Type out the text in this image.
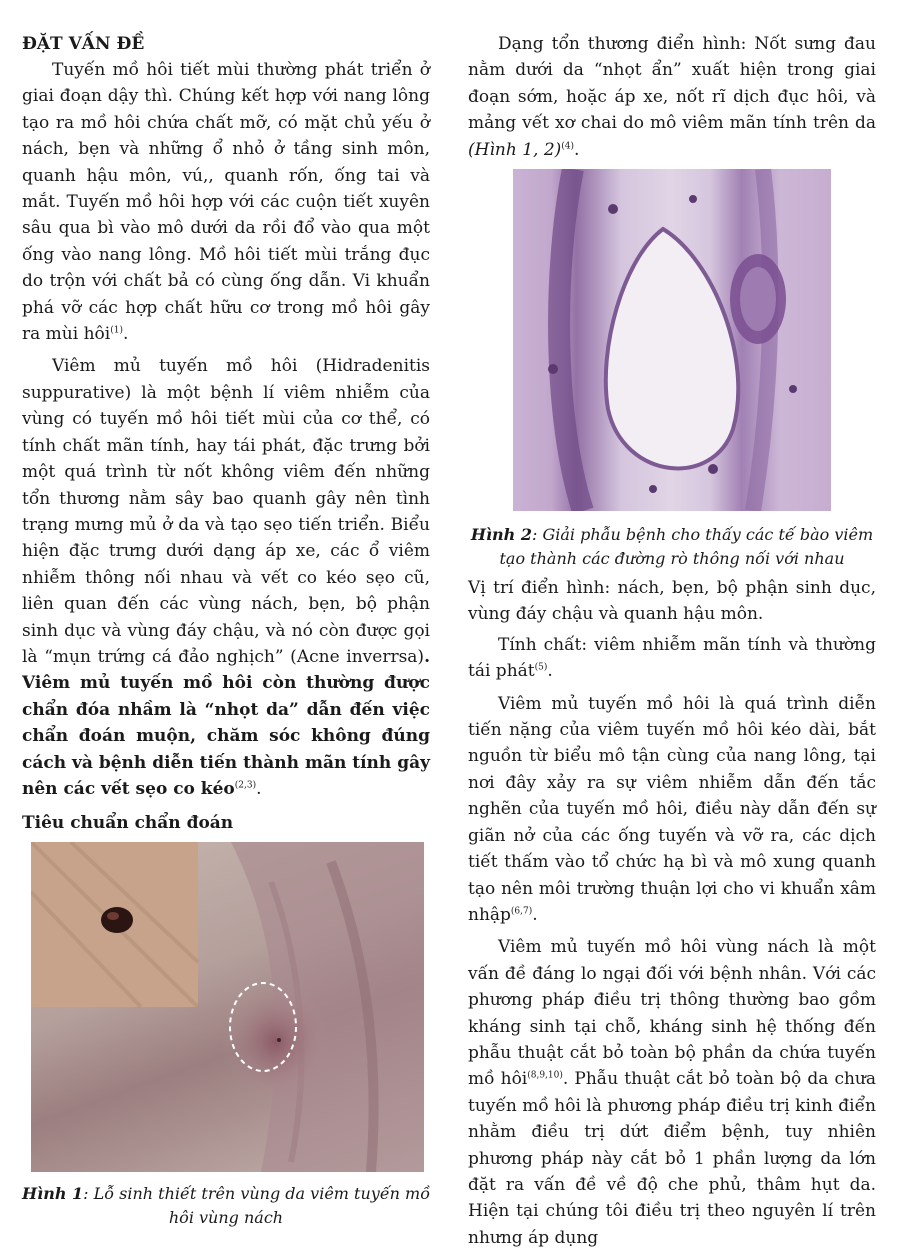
ĐẶT VẤN ĐỀ

Tuyến mồ hôi tiết mùi thường phát triển ở giai đoạn dậy thì. Chúng kết hợp với nang lông tạo ra mồ hôi chứa chất mỡ, có mặt chủ yếu ở nách, bẹn và những ổ nhỏ ở tầng sinh môn, quanh hậu môn, vú,, quanh rốn, ống tai và mắt. Tuyến mồ hôi hợp với các cuộn tiết xuyên sâu qua bì vào mô dưới da rồi đổ vào qua một ống vào nang lông. Mồ hôi tiết mùi trắng đục do trộn với chất bả có cùng ống dẫn. Vi khuẩn phá vỡ các hợp chất hữu cơ trong mồ hôi gây ra mùi hôi$^{(1)}$.

Viêm mủ tuyến mồ hôi (Hidradenitis suppurative) là một bệnh lí viêm nhiễm của vùng có tuyến mồ hôi tiết mùi của cơ thể, có tính chất mãn tính, hay tái phát, đặc trưng bởi một quá trình từ nốt không viêm đến những tổn thương nằm sây bao quanh gây nên tình trạng mưng mủ ở da và tạo sẹo tiến triển. Biểu hiện đặc trưng dưới dạng áp xe, các ổ viêm nhiễm thông nối nhau và vết co kéo sẹo cũ, liên quan đến các vùng nách, bẹn, bộ phận sinh dục và vùng đáy chậu, và nó còn được gọi là “mụn trứng cá đảo nghịch” (Acne inverrsa). Viêm mủ tuyến mồ hôi còn thường được chẩn đóa nhầm là “nhọt da” dẫn đến việc chẩn đoán muộn, chăm sóc không đúng cách và bệnh diễn tiến thành mãn tính gây nên các vết sẹo co kéo$^{(2,3)}$.

Tiêu chuẩn chẩn đoán

Hình 1: Lỗ sinh thiết trên vùng da viêm tuyến mồ hôi vùng nách

Dạng tổn thương điển hình: Nốt sưng đau nằm dưới da “nhọt ẩn” xuất hiện trong giai đoạn sớm, hoặc áp xe, nốt rĩ dịch đục hôi, và mảng vết xơ chai do mô viêm mãn tính trên da (Hình 1, 2)$^{(4)}$.

Hình 2: Giải phẫu bệnh cho thấy các tế bào viêm tạo thành các đường rò thông nối với nhau

Vị trí điển hình: nách, bẹn, bộ phận sinh dục, vùng đáy chậu và quanh hậu môn.

Tính chất: viêm nhiễm mãn tính và thường tái phát$^{(5)}$.

Viêm mủ tuyến mồ hôi là quá trình diễn tiến nặng của viêm tuyến mồ hôi kéo dài, bắt nguồn từ biểu mô tận cùng của nang lông, tại nơi đây xảy ra sự viêm nhiễm dẫn đến tắc nghẽn của tuyến mồ hôi, điều này dẫn đến sự giãn nở của các ống tuyến và vỡ ra, các dịch tiết thấm vào tổ chức hạ bì và mô xung quanh tạo nên môi trường thuận lợi cho vi khuẩn xâm nhập$^{(6,7)}$.

Viêm mủ tuyến mồ hôi vùng nách là một vấn đề đáng lo ngại đối với bệnh nhân. Với các phương pháp điều trị thông thường bao gồm kháng sinh tại chỗ, kháng sinh hệ thống đến phẫu thuật cắt bỏ toàn bộ phần da chứa tuyến mồ hôi$^{(8,9,10)}$. Phẫu thuật cắt bỏ toàn bộ da chưa tuyến mồ hôi là phương pháp điều trị kinh điển nhằm điều trị dứt điểm bệnh, tuy nhiên phương pháp này cắt bỏ 1 phần lượng da lớn đặt ra vấn đề về độ che phủ, thâm hụt da. Hiện tại chúng tôi điều trị theo nguyên lí trên nhưng áp dụng
